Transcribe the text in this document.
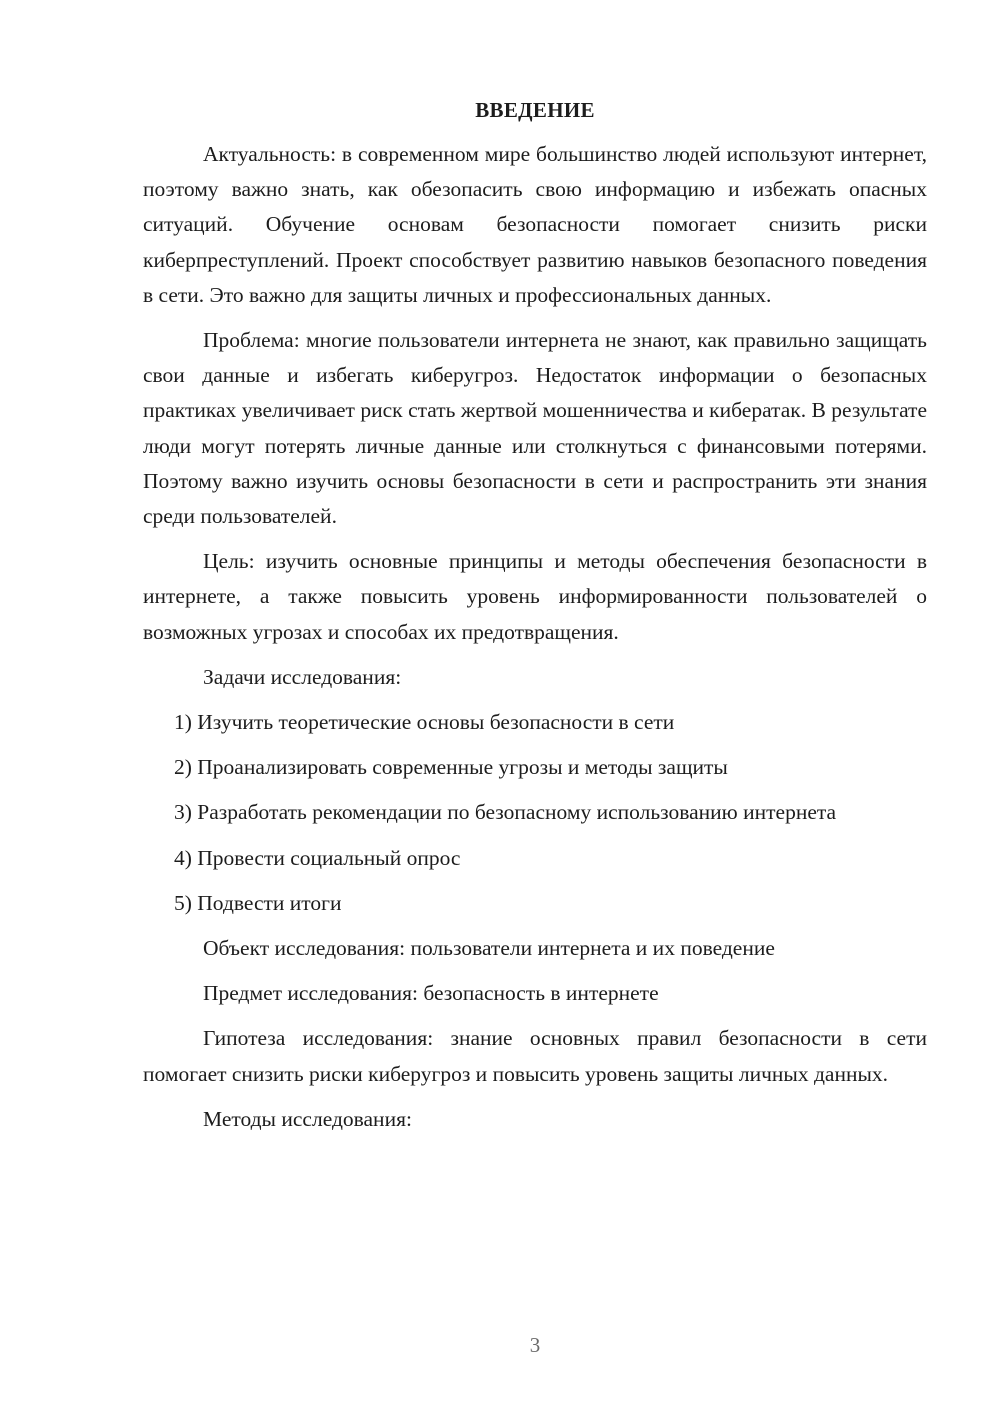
ВВЕДЕНИЕ

Актуальность: в современном мире большинство людей используют интернет, поэтому важно знать, как обезопасить свою информацию и избежать опасных ситуаций. Обучение основам безопасности помогает снизить риски киберпреступлений. Проект способствует развитию навыков безопасного поведения в сети. Это важно для защиты личных и профессиональных данных.

Проблема: многие пользователи интернета не знают, как правильно защищать свои данные и избегать киберугроз. Недостаток информации о безопасных практиках увеличивает риск стать жертвой мошенничества и кибератак. В результате люди могут потерять личные данные или столкнуться с финансовыми потерями. Поэтому важно изучить основы безопасности в сети и распространить эти знания среди пользователей.

Цель: изучить основные принципы и методы обеспечения безопасности в интернете, а также повысить уровень информированности пользователей о возможных угрозах и способах их предотвращения.

Задачи исследования:

1) Изучить теоретические основы безопасности в сети

2) Проанализировать современные угрозы и методы защиты

3) Разработать рекомендации по безопасному использованию интернета

4) Провести социальный опрос

5) Подвести итоги

Объект исследования: пользователи интернета и их поведение

Предмет исследования: безопасность в интернете

Гипотеза исследования: знание основных правил безопасности в сети помогает снизить риски киберугроз и повысить уровень защиты личных данных.

Методы исследования:

3
